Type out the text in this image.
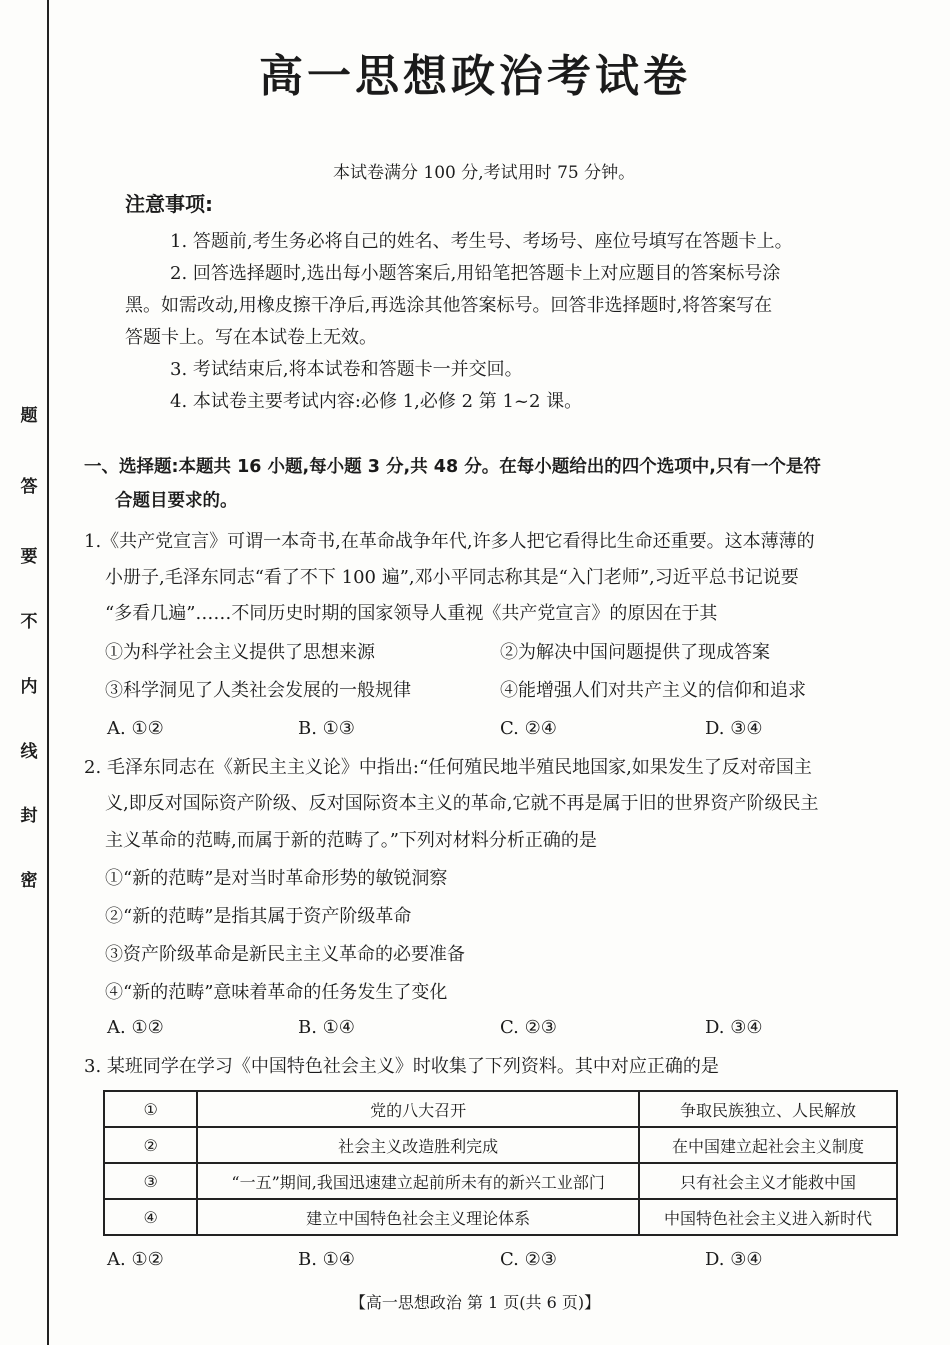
题
答
要
不
内
线
封
密
高一思想政治考试卷
本试卷满分 100 分,考试用时 75 分钟。
注意事项:
1. 答题前,考生务必将自己的姓名、考生号、考场号、座位号填写在答题卡上。
2. 回答选择题时,选出每小题答案后,用铅笔把答题卡上对应题目的答案标号涂
黑。如需改动,用橡皮擦干净后,再选涂其他答案标号。回答非选择题时,将答案写在
答题卡上。写在本试卷上无效。
3. 考试结束后,将本试卷和答题卡一并交回。
4. 本试卷主要考试内容:必修 1,必修 2 第 1~2 课。
一、选择题:本题共 16 小题,每小题 3 分,共 48 分。在每小题给出的四个选项中,只有一个是符
合题目要求的。
1.《共产党宣言》可谓一本奇书,在革命战争年代,许多人把它看得比生命还重要。这本薄薄的
小册子,毛泽东同志“看了不下 100 遍”,邓小平同志称其是“入门老师”,习近平总书记说要
“多看几遍”……不同历史时期的国家领导人重视《共产党宣言》的原因在于其
①为科学社会主义提供了思想来源	②为解决中国问题提供了现成答案
③科学洞见了人类社会发展的一般规律	④能增强人们对共产主义的信仰和追求
A. ①②	B. ①③	C. ②④	D. ③④
2. 毛泽东同志在《新民主主义论》中指出:“任何殖民地半殖民地国家,如果发生了反对帝国主
义,即反对国际资产阶级、反对国际资本主义的革命,它就不再是属于旧的世界资产阶级民主
主义革命的范畴,而属于新的范畴了。”下列对材料分析正确的是
①“新的范畴”是对当时革命形势的敏锐洞察
②“新的范畴”是指其属于资产阶级革命
③资产阶级革命是新民主主义革命的必要准备
④“新的范畴”意味着革命的任务发生了变化
A. ①②	B. ①④	C. ②③	D. ③④
3. 某班同学在学习《中国特色社会主义》时收集了下列资料。其中对应正确的是
①	党的八大召开	争取民族独立、人民解放
②	社会主义改造胜利完成	在中国建立起社会主义制度
③	“一五”期间,我国迅速建立起前所未有的新兴工业部门	只有社会主义才能救中国
④	建立中国特色社会主义理论体系	中国特色社会主义进入新时代
A. ①②	B. ①④	C. ②③	D. ③④
【高一思想政治 第 1 页(共 6 页)】
